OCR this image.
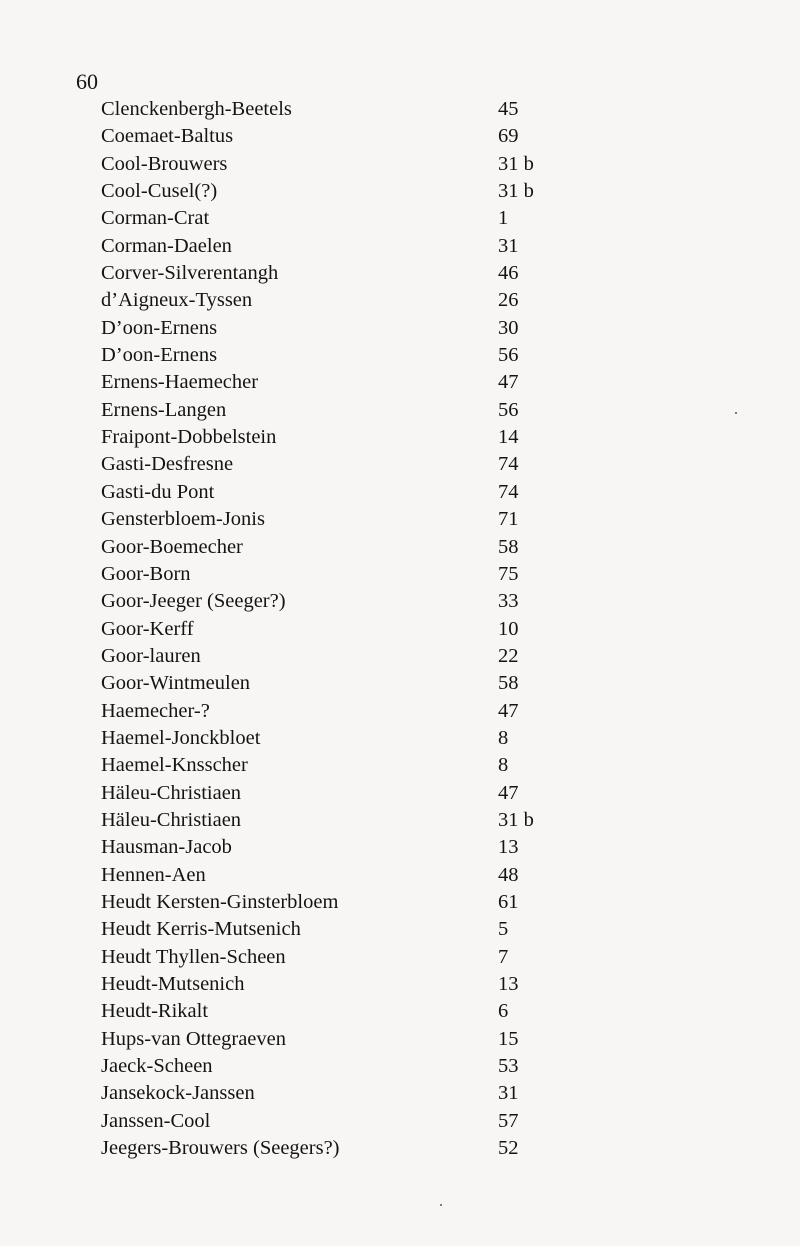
60
Clenckenbergh-Beetels	45
Coemaet-Baltus	69
Cool-Brouwers	31 b
Cool-Cusel(?)	31 b
Corman-Crat	1
Corman-Daelen	31
Corver-Silverentangh	46
d’Aigneux-Tyssen	26
D’oon-Ernens	30
D’oon-Ernens	56
Ernens-Haemecher	47
Ernens-Langen	56
Fraipont-Dobbelstein	14
Gasti-Desfresne	74
Gasti-du Pont	74
Gensterbloem-Jonis	71
Goor-Boemecher	58
Goor-Born	75
Goor-Jeeger (Seeger?)	33
Goor-Kerff	10
Goor-lauren	22
Goor-Wintmeulen	58
Haemecher-?	47
Haemel-Jonckbloet	8
Haemel-Knsscher	8
Häleu-Christiaen	47
Häleu-Christiaen	31 b
Hausman-Jacob	13
Hennen-Aen	48
Heudt Kersten-Ginsterbloem	61
Heudt Kerris-Mutsenich	5
Heudt Thyllen-Scheen	7
Heudt-Mutsenich	13
Heudt-Rikalt	6
Hups-van Ottegraeven	15
Jaeck-Scheen	53
Jansekock-Janssen	31
Janssen-Cool	57
Jeegers-Brouwers (Seegers?)	52
